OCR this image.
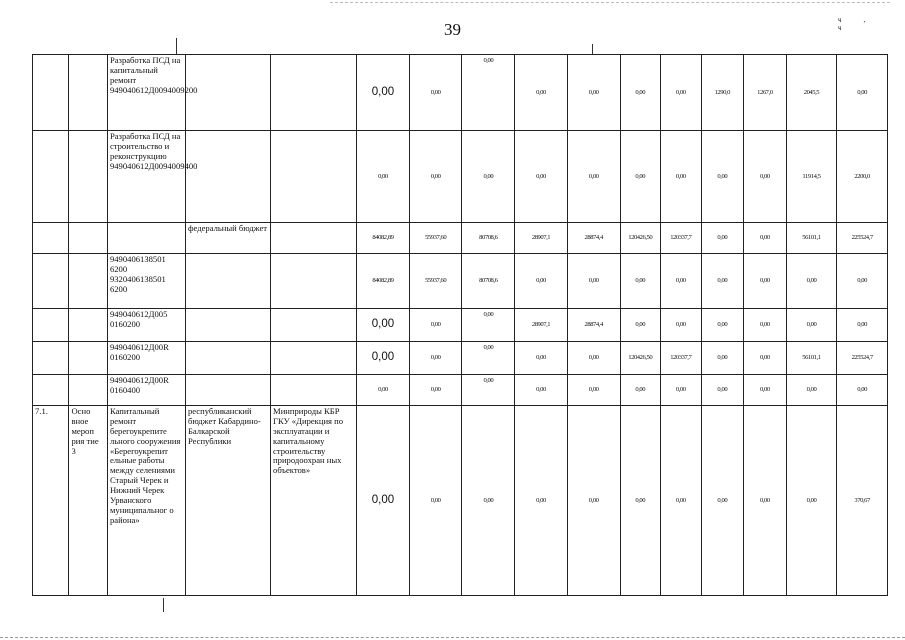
39	ч, ч
		Разработка ПСД на капитальный ремонт 949040612Д0094009200			0,00	0,00	0,00	0,00	0,00	0,00	0,00	1290,0	1267,0	2045,5	0,00
		Разработка ПСД на строительство и реконструкцию 949040612Д0094009400			0,00	0,00	0,00	0,00	0,00	0,00	0,00	0,00	0,00	11914,5	2200,0
			федеральный бюджет		84082,89	55937,60	80708,6	28907,1	28874,4	120426,50	120337,7	0,00	0,00	56101,1	225524,7
		94904061З8501 6200 9320406138501 6200			84082,89	55937,60	80708,6	0,00	0,00	0,00	0,00	0,00	0,00	0,00	0,00
		949040612Д005 0160200			0,00	0,00	0,00	28907,1	28874,4	0,00	0,00	0,00	0,00	0,00	0,00
		949040612Д00R 0160200			0,00	0,00	0,00	0,00	0,00	120426,50	120337,7	0,00	0,00	56101,1	225524,7
		949040612Д00R 0160400			0,00	0,00	0,00	0,00	0,00	0,00	0,00	0,00	0,00	0,00	0,00
7.1.	Осно вное мероп рия тие 3	Капитальный ремонт берегоукрепите льного сооружения «Берегоукрепит ельные работы между селениями Старый Черек и Нижний Черек Урванского муниципальног о района»	республиканский бюджет Кабардино-Балкарской Республики	Минприроды КБР ГКУ «Дирекция по эксплуатации и капитальному строительству природоохран ных объектов»	0,00	0,00	0,00	0,00	0,00	0,00	0,00	0,00	0,00	0,00	370,67
